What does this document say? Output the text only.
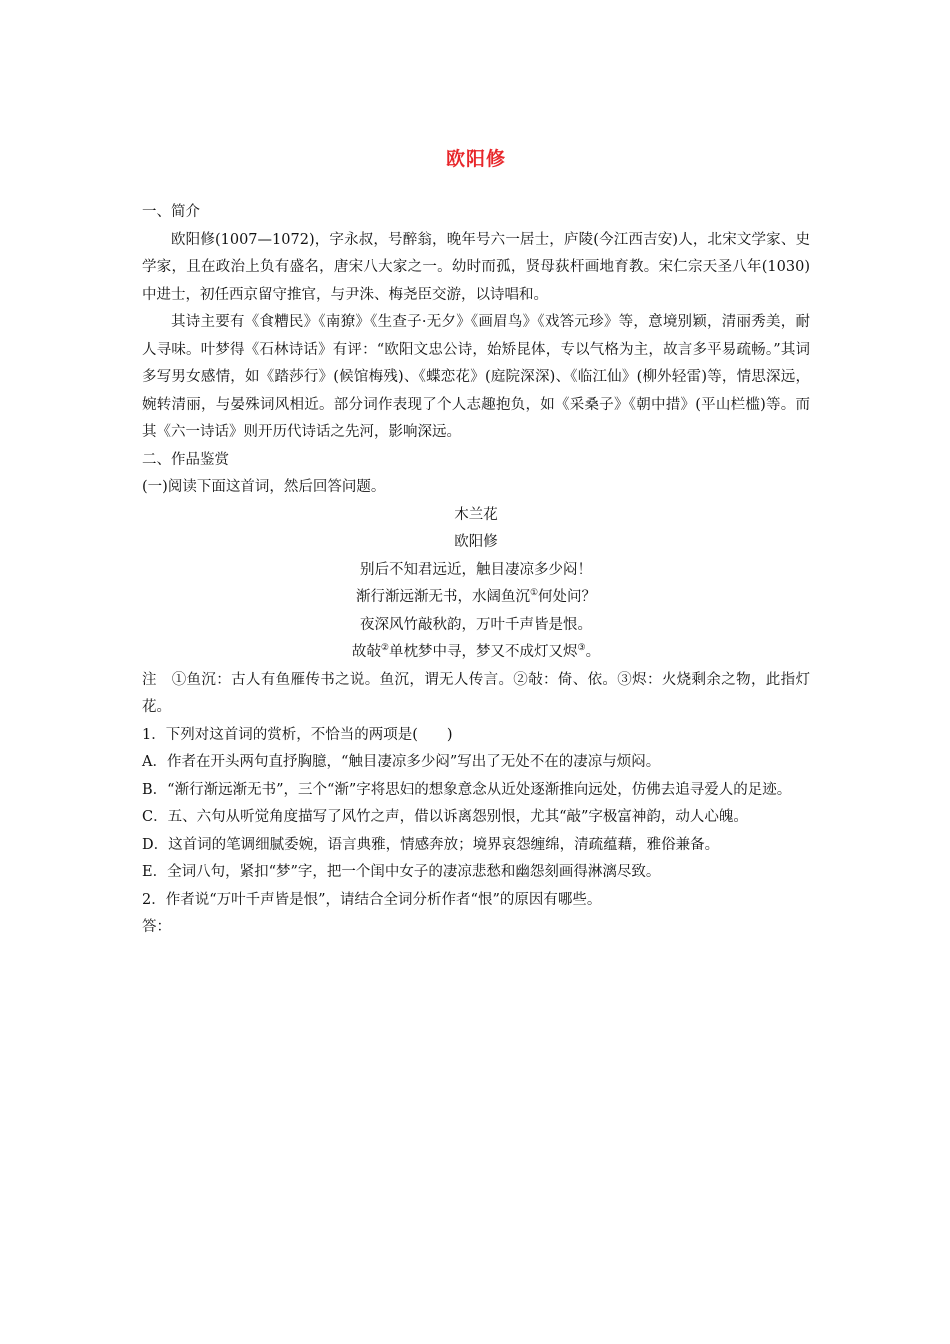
欧阳修

一、简介

欧阳修(1007—1072)，字永叔，号醉翁，晚年号六一居士，庐陵(今江西吉安)人，北宋文学家、史学家，且在政治上负有盛名，唐宋八大家之一。幼时而孤，贤母荻杆画地育教。宋仁宗天圣八年(1030)中进士，初任西京留守推官，与尹洙、梅尧臣交游，以诗唱和。

其诗主要有《食糟民》《南獠》《生查子·无夕》《画眉鸟》《戏答元珍》等，意境别颖，清丽秀美，耐人寻味。叶梦得《石林诗话》有评：“欧阳文忠公诗，始矫昆体，专以气格为主，故言多平易疏畅。”其词多写男女感情，如《踏莎行》(候馆梅残)、《蝶恋花》(庭院深深)、《临江仙》(柳外轻雷)等，情思深远，婉转清丽，与晏殊词风相近。部分词作表现了个人志趣抱负，如《采桑子》《朝中措》(平山栏槛)等。而其《六一诗话》则开历代诗话之先河，影响深远。

二、作品鉴赏

(一)阅读下面这首词，然后回答问题。

木兰花

欧阳修

别后不知君远近，触目凄凉多少闷！

渐行渐远渐无书，水阔鱼沉①何处问？

夜深风竹敲秋韵，万叶千声皆是恨。

故敧②单枕梦中寻，梦又不成灯又烬③。

注　①鱼沉：古人有鱼雁传书之说。鱼沉，谓无人传言。②敧：倚、依。③烬：火烧剩余之物，此指灯花。

1．下列对这首词的赏析，不恰当的两项是(　　)

A．作者在开头两句直抒胸臆，“触目凄凉多少闷”写出了无处不在的凄凉与烦闷。

B．“渐行渐远渐无书”，三个“渐”字将思妇的想象意念从近处逐渐推向远处，仿佛去追寻爱人的足迹。

C．五、六句从听觉角度描写了风竹之声，借以诉离怨别恨，尤其“敲”字极富神韵，动人心魄。

D．这首词的笔调细腻委婉，语言典雅，情感奔放；境界哀怨缠绵，清疏蕴藉，雅俗兼备。

E．全词八句，紧扣“梦”字，把一个闺中女子的凄凉悲愁和幽怨刻画得淋漓尽致。

2．作者说“万叶千声皆是恨”，请结合全词分析作者“恨”的原因有哪些。

答：
